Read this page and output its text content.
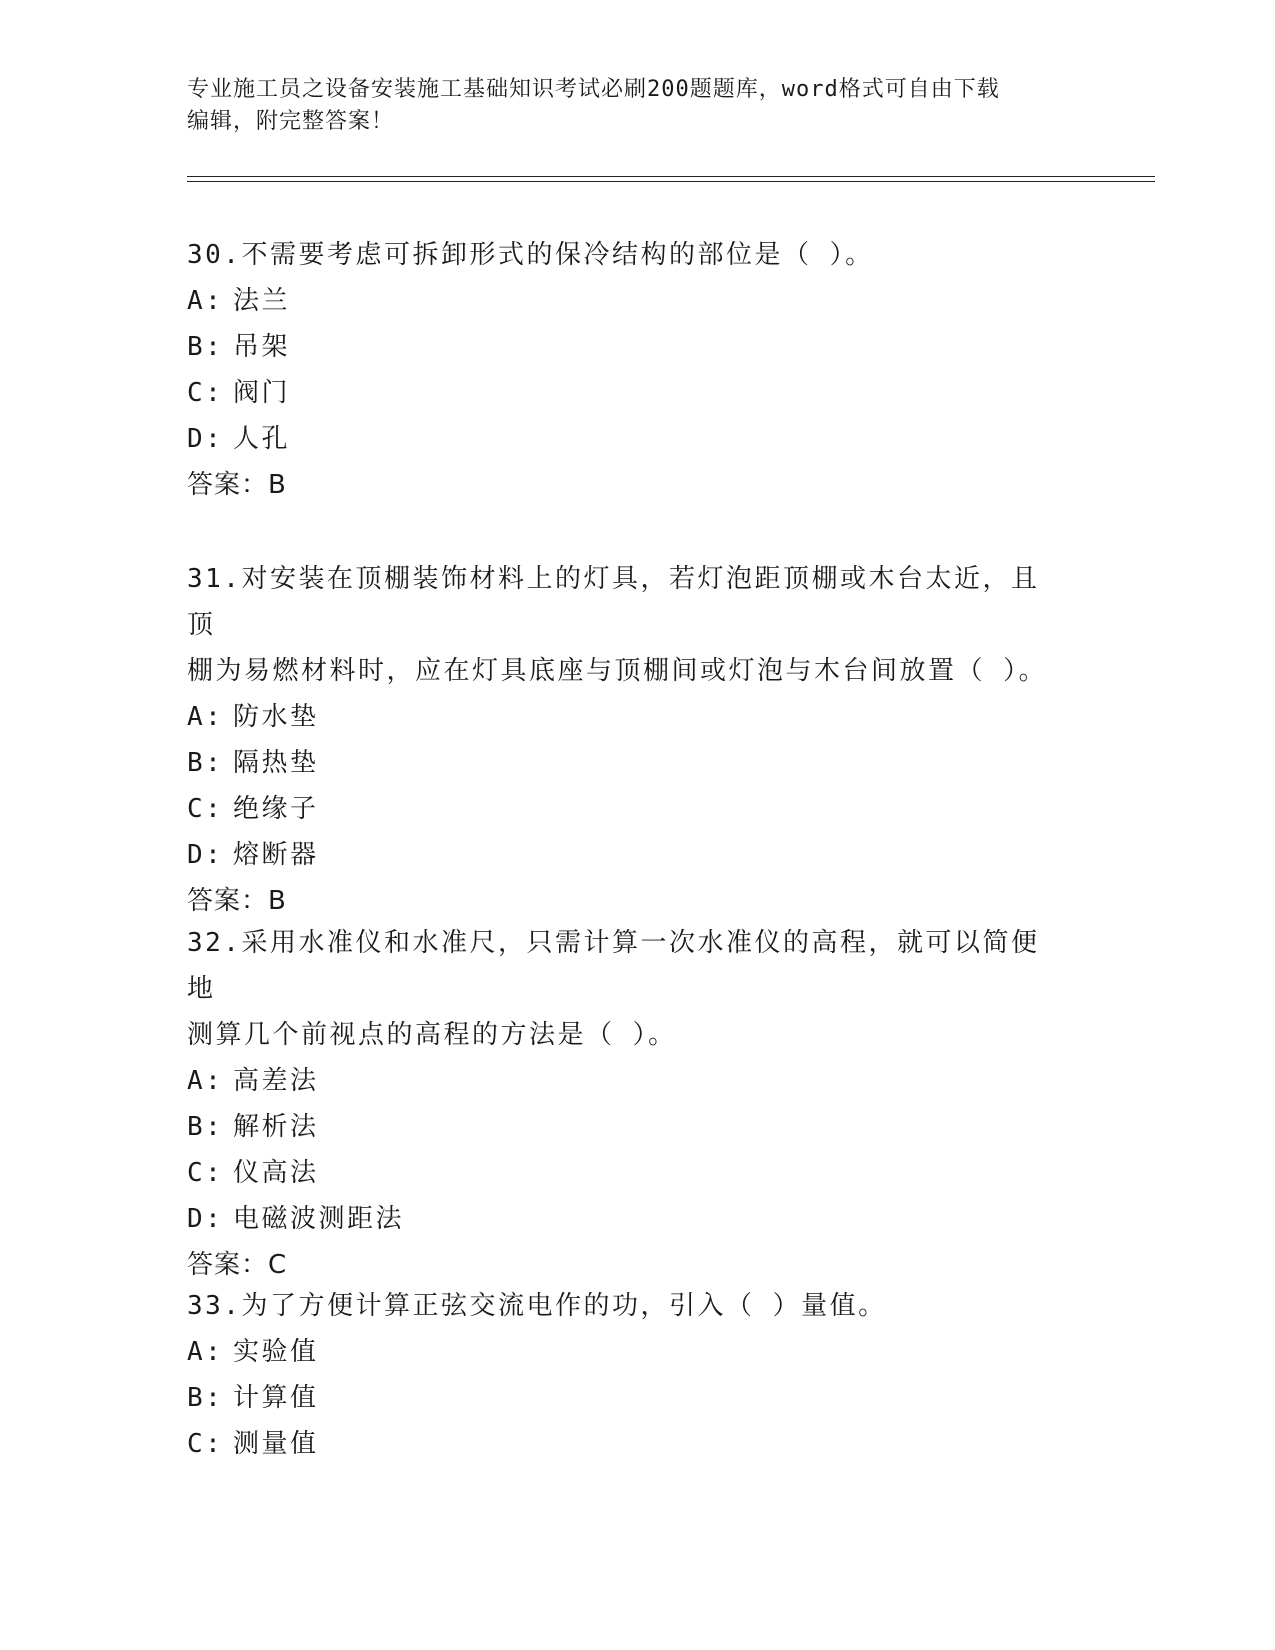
专业施工员之设备安装施工基础知识考试必刷200题题库，word格式可自由下载
编辑，附完整答案！

30.不需要考虑可拆卸形式的保冷结构的部位是（ ）。

A: 法兰

B: 吊架

C: 阀门

D: 人孔

答案：B

31.对安装在顶棚装饰材料上的灯具，若灯泡距顶棚或木台太近，且顶

棚为易燃材料时，应在灯具底座与顶棚间或灯泡与木台间放置（ ）。

A: 防水垫

B: 隔热垫

C: 绝缘子

D: 熔断器

答案：B

32.采用水准仪和水准尺，只需计算一次水准仪的高程，就可以简便地

测算几个前视点的高程的方法是（ ）。

A: 高差法

B: 解析法

C: 仪高法

D: 电磁波测距法

答案：C

33.为了方便计算正弦交流电作的功，引入（ ）量值。

A: 实验值

B: 计算值

C: 测量值
